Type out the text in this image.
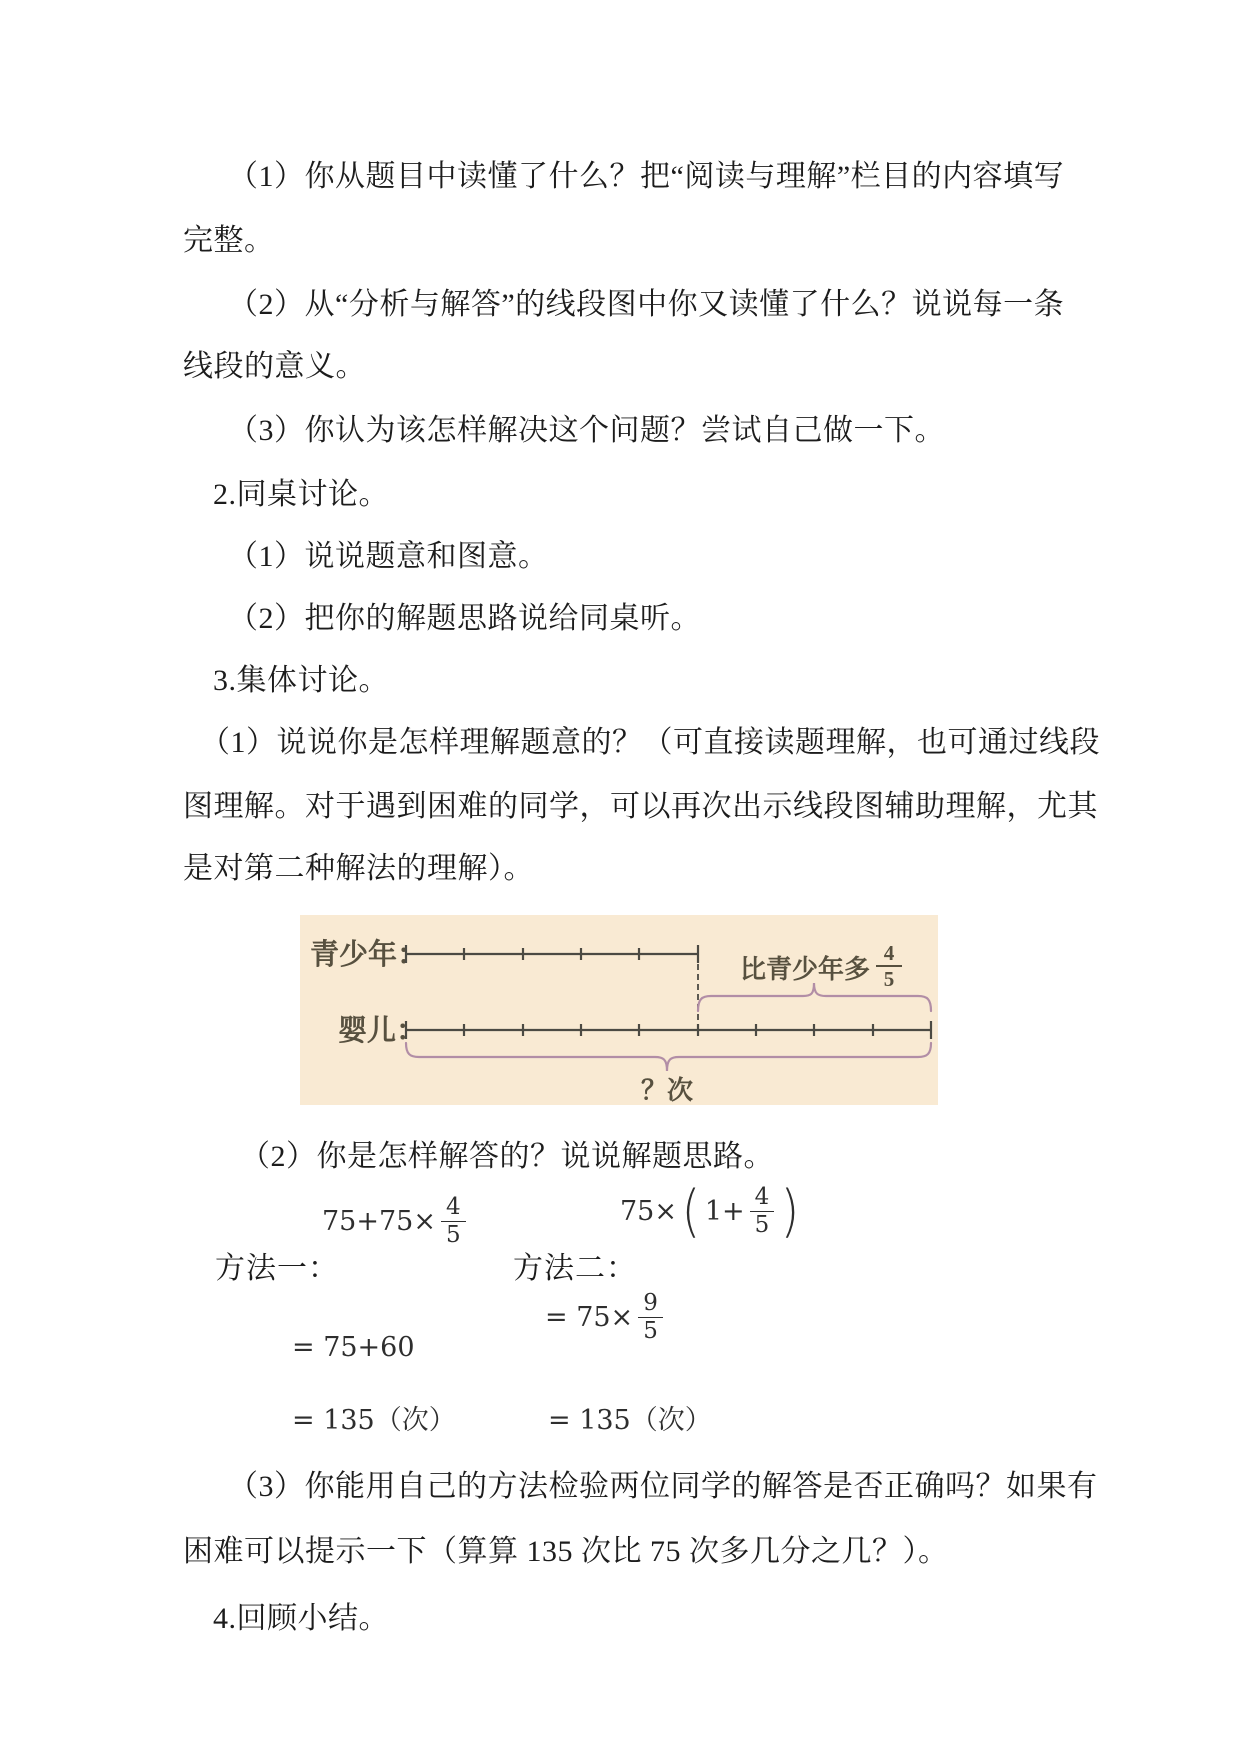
（1）你从题目中读懂了什么？把“阅读与理解”栏目的内容填写
完整。
（2）从“分析与解答”的线段图中你又读懂了什么？说说每一条
线段的意义。
（3）你认为该怎样解决这个问题？尝试自己做一下。
2.同桌讨论。
（1）说说题意和图意。
（2）把你的解题思路说给同桌听。
3.集体讨论。
（1）说说你是怎样理解题意的？（可直接读题理解，也可通过线段
图理解。对于遇到困难的同学，可以再次出示线段图辅助理解，尤其
是对第二种解法的理解）。
青少年：
婴儿：
比青少年多
4
5
？次
（2）你是怎样解答的？说说解题思路。
方法一：
$75+75\times \frac{4}{5}$
= 75+60
= 135（次）
方法二：
75× ( $1+ \frac{4}{5}$ )
= $75\times \frac{9}{5}$
= 135（次）
（3）你能用自己的方法检验两位同学的解答是否正确吗？如果有
困难可以提示一下（算算 135 次比 75 次多几分之几？）。
4.回顾小结。
